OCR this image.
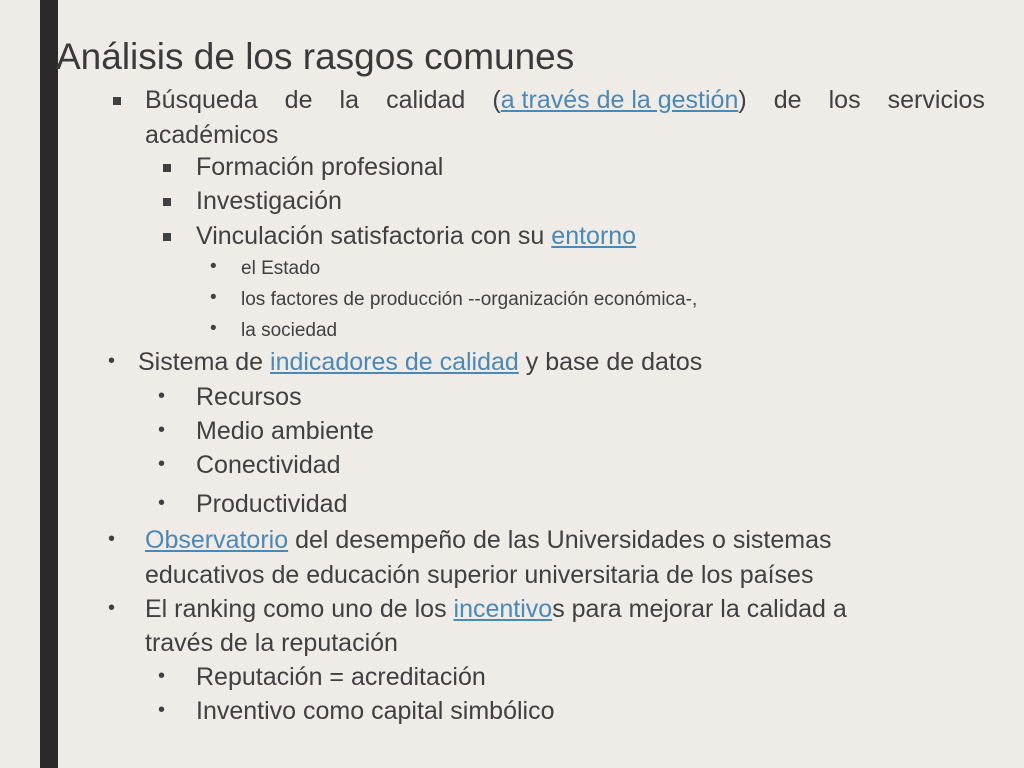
Análisis de los rasgos comunes
Búsqueda de la calidad ( a través de la gestión ) de los servicios
académicos
Formación profesional
Investigación
Vinculación satisfactoria con su entorno
• el Estado
• los factores de producción --organización económica-,
• la sociedad
• Sistema de indicadores de calidad y base de datos
• Recursos
• Medio ambiente
• Conectividad
• Productividad
• Observatorio del desempeño de las Universidades o sistemas
educativos de educación superior universitaria de los países
• El ranking como uno de los incentivos para mejorar la calidad a
través de la reputación
• Reputación = acreditación
• Inventivo como capital simbólico
